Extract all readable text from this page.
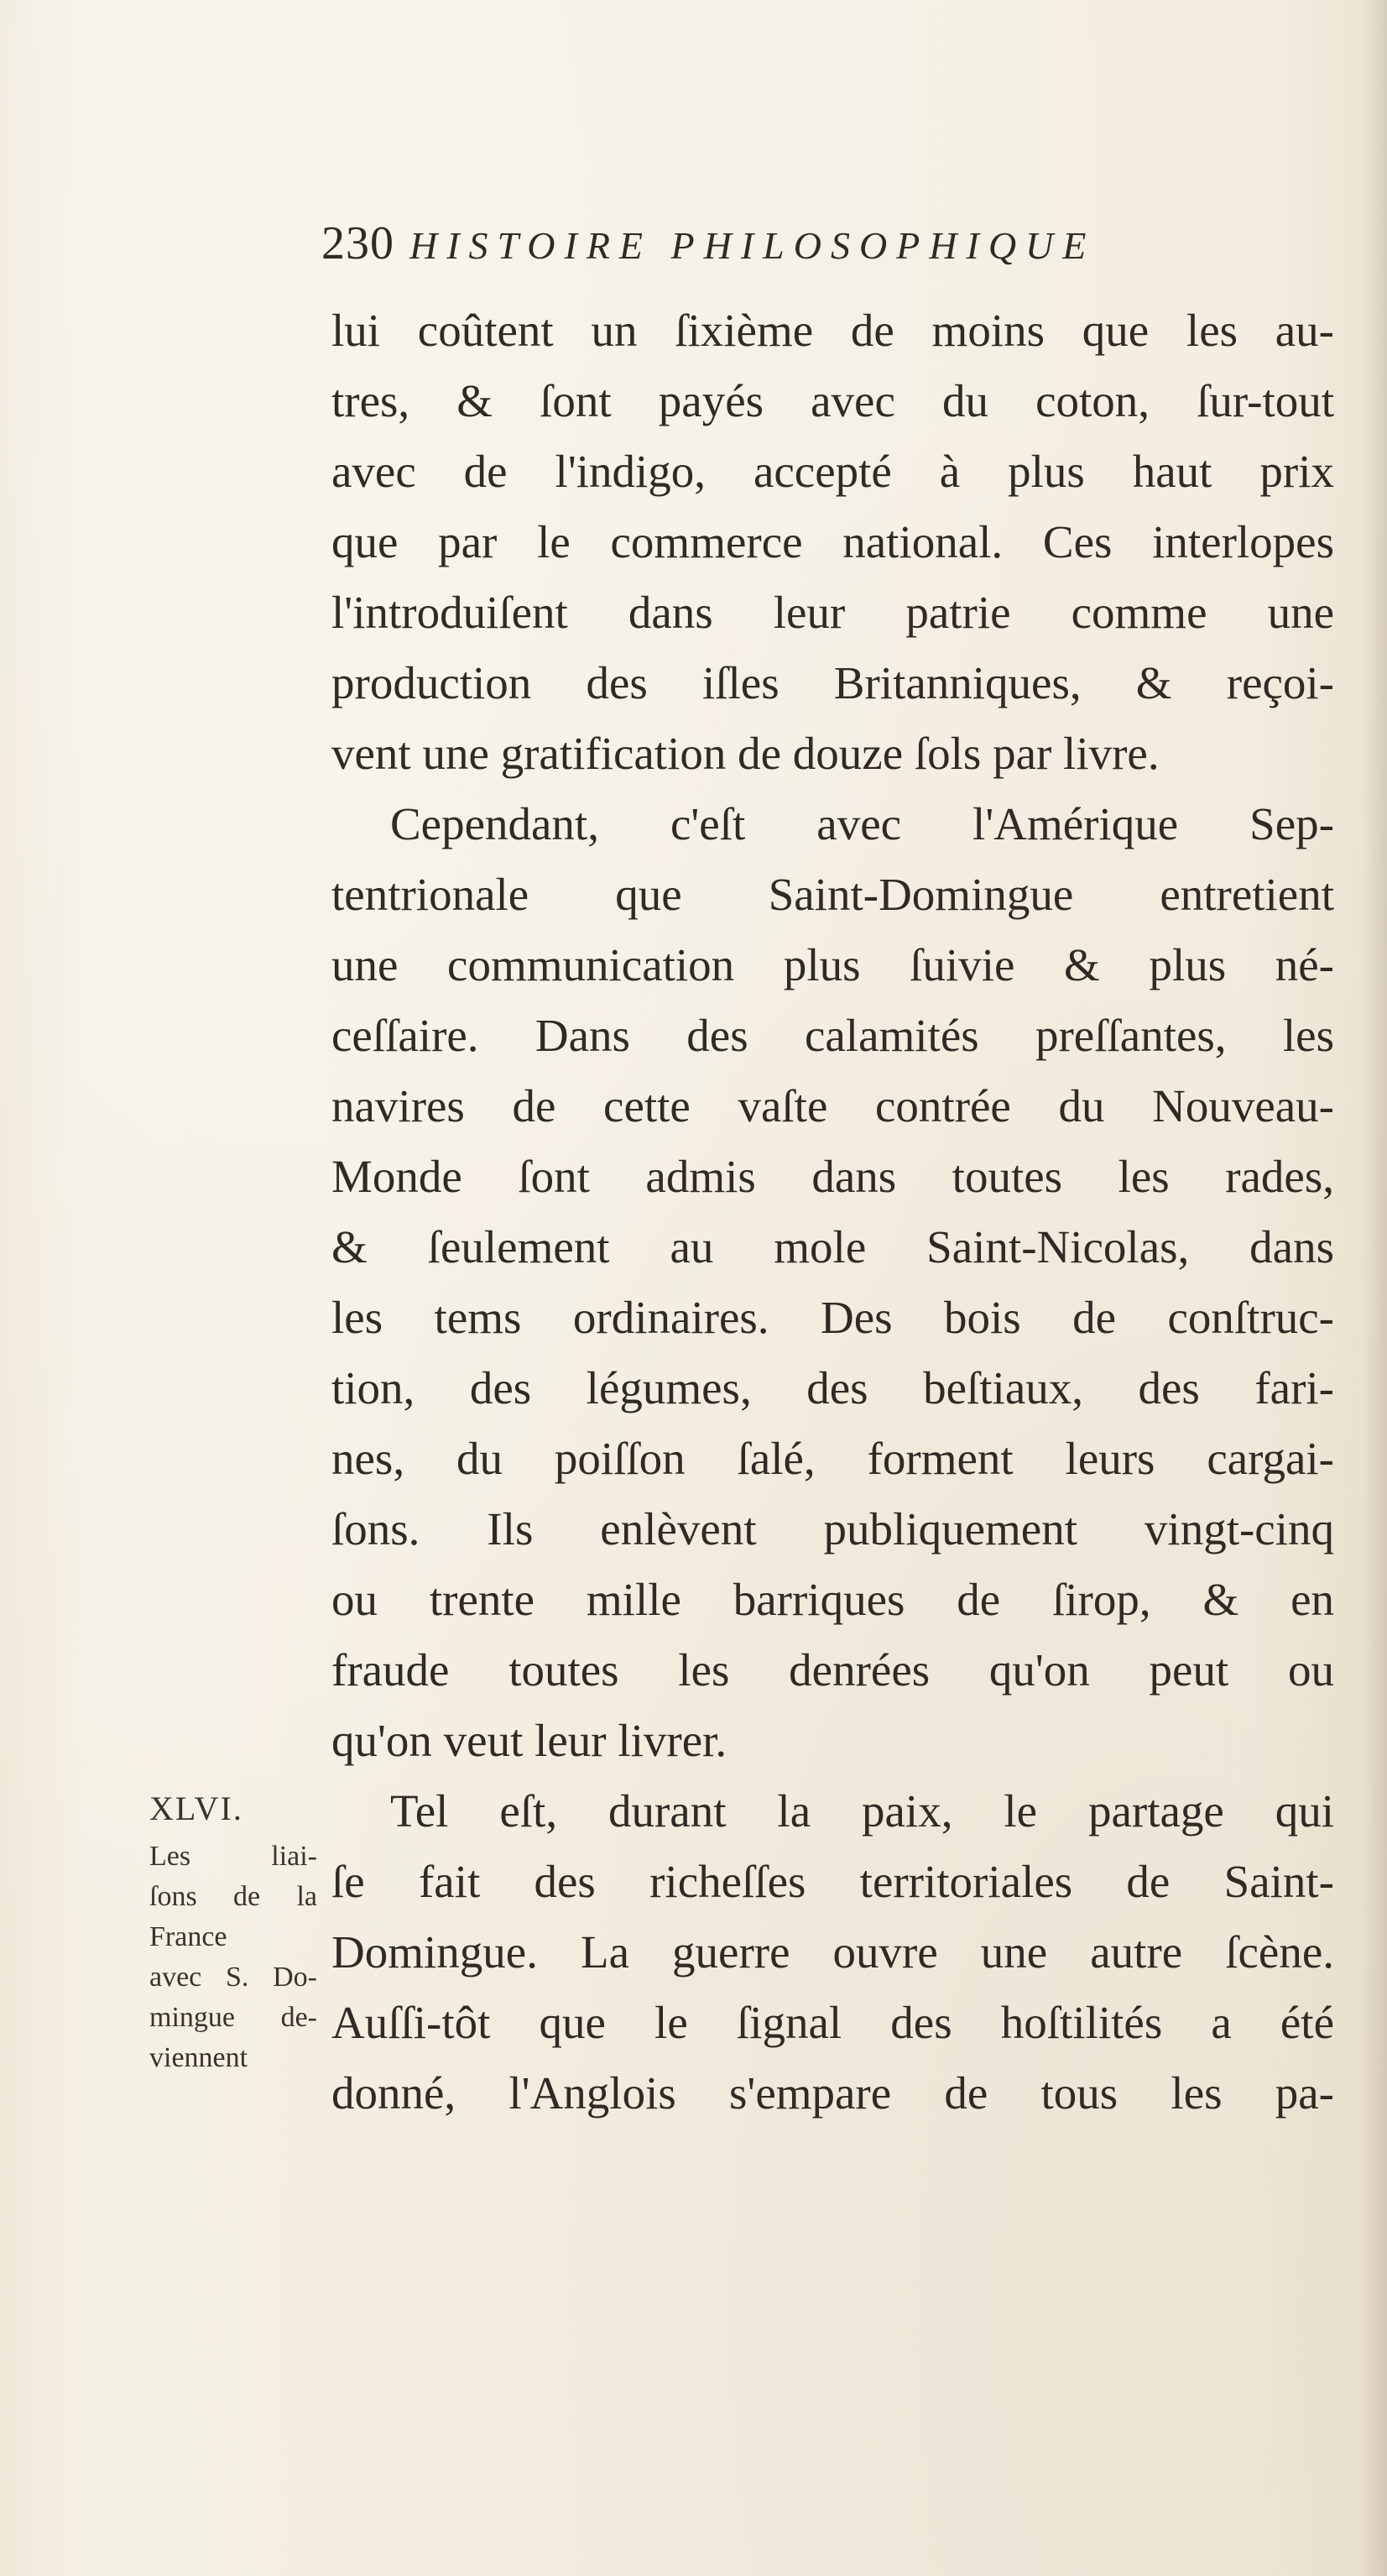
230 HISTOIRE PHILOSOPHIQUE
lui coûtent un ſixième de moins que les au-
tres, & ſont payés avec du coton, ſur-tout
avec de l'indigo, accepté à plus haut prix
que par le commerce national. Ces interlopes
l'introduiſent dans leur patrie comme une
production des iſles Britanniques, & reçoi-
vent une gratification de douze ſols par livre.
Cependant, c'eſt avec l'Amérique Sep-
tentrionale que Saint-Domingue entretient
une communication plus ſuivie & plus né-
ceſſaire. Dans des calamités preſſantes, les
navires de cette vaſte contrée du Nouveau-
Monde ſont admis dans toutes les rades,
& ſeulement au mole Saint-Nicolas, dans
les tems ordinaires. Des bois de conſtruc-
tion, des légumes, des beſtiaux, des fari-
nes, du poiſſon ſalé, forment leurs cargai-
ſons. Ils enlèvent publiquement vingt-cinq
ou trente mille barriques de ſirop, & en
fraude toutes les denrées qu'on peut ou
qu'on veut leur livrer.
Tel eſt, durant la paix, le partage qui
ſe fait des richeſſes territoriales de Saint-
Domingue. La guerre ouvre une autre ſcène.
Auſſi-tôt que le ſignal des hoſtilités a été
donné, l'Anglois s'empare de tous les pa-
XLVI.
Les liai-
ſons de la
France
avec S. Do-
mingue de-
viennent
